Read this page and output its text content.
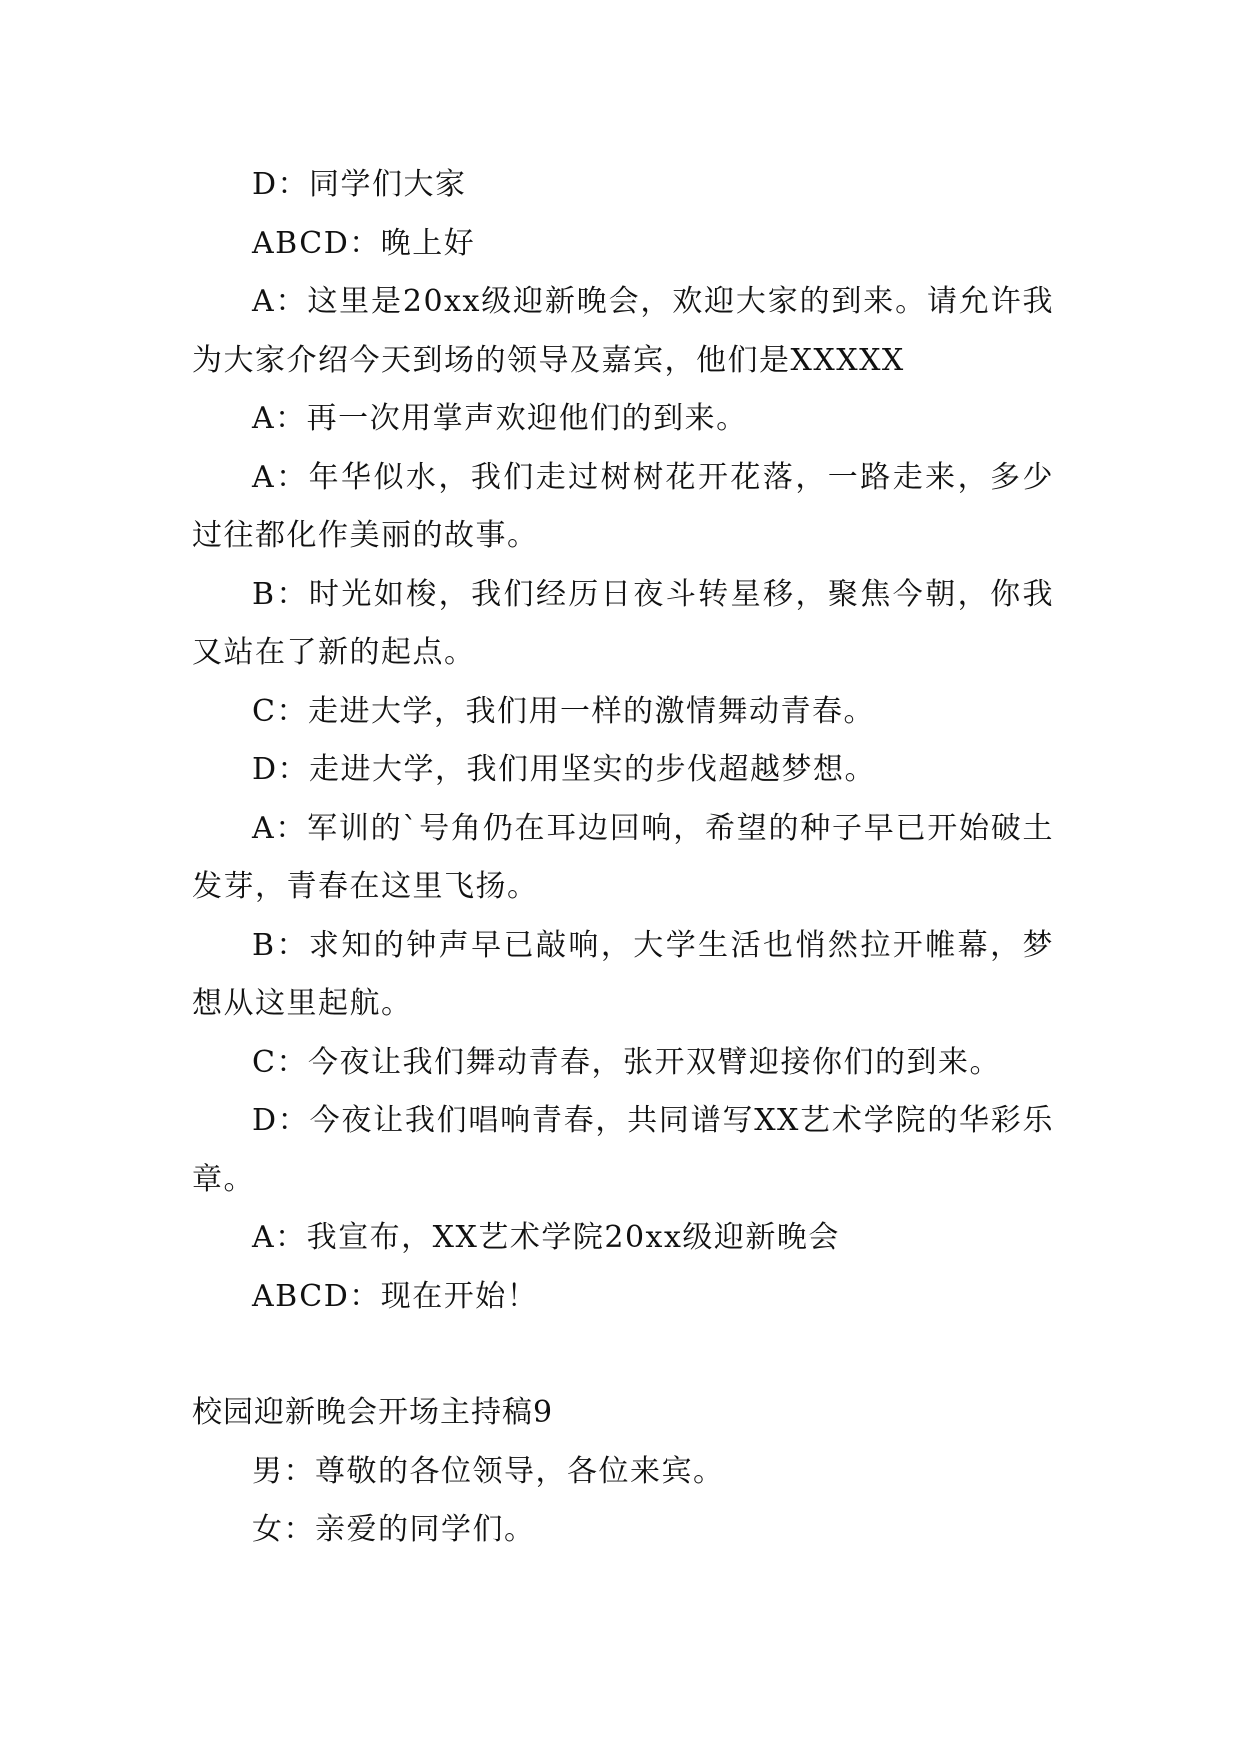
D：同学们大家

ABCD：晚上好

A：这里是20xx级迎新晚会，欢迎大家的到来。请允许我为大家介绍今天到场的领导及嘉宾，他们是XXXXX

A：再一次用掌声欢迎他们的到来。

A：年华似水，我们走过树树花开花落，一路走来，多少过往都化作美丽的故事。

B：时光如梭，我们经历日夜斗转星移，聚焦今朝，你我又站在了新的起点。

C：走进大学，我们用一样的激情舞动青春。

D：走进大学，我们用坚实的步伐超越梦想。

A：军训的`号角仍在耳边回响，希望的种子早已开始破土发芽，青春在这里飞扬。

B：求知的钟声早已敲响，大学生活也悄然拉开帷幕，梦想从这里起航。

C：今夜让我们舞动青春，张开双臂迎接你们的到来。

D：今夜让我们唱响青春，共同谱写XX艺术学院的华彩乐章。

A：我宣布，XX艺术学院20xx级迎新晚会

ABCD：现在开始！

校园迎新晚会开场主持稿9

男：尊敬的各位领导，各位来宾。

女：亲爱的同学们。
